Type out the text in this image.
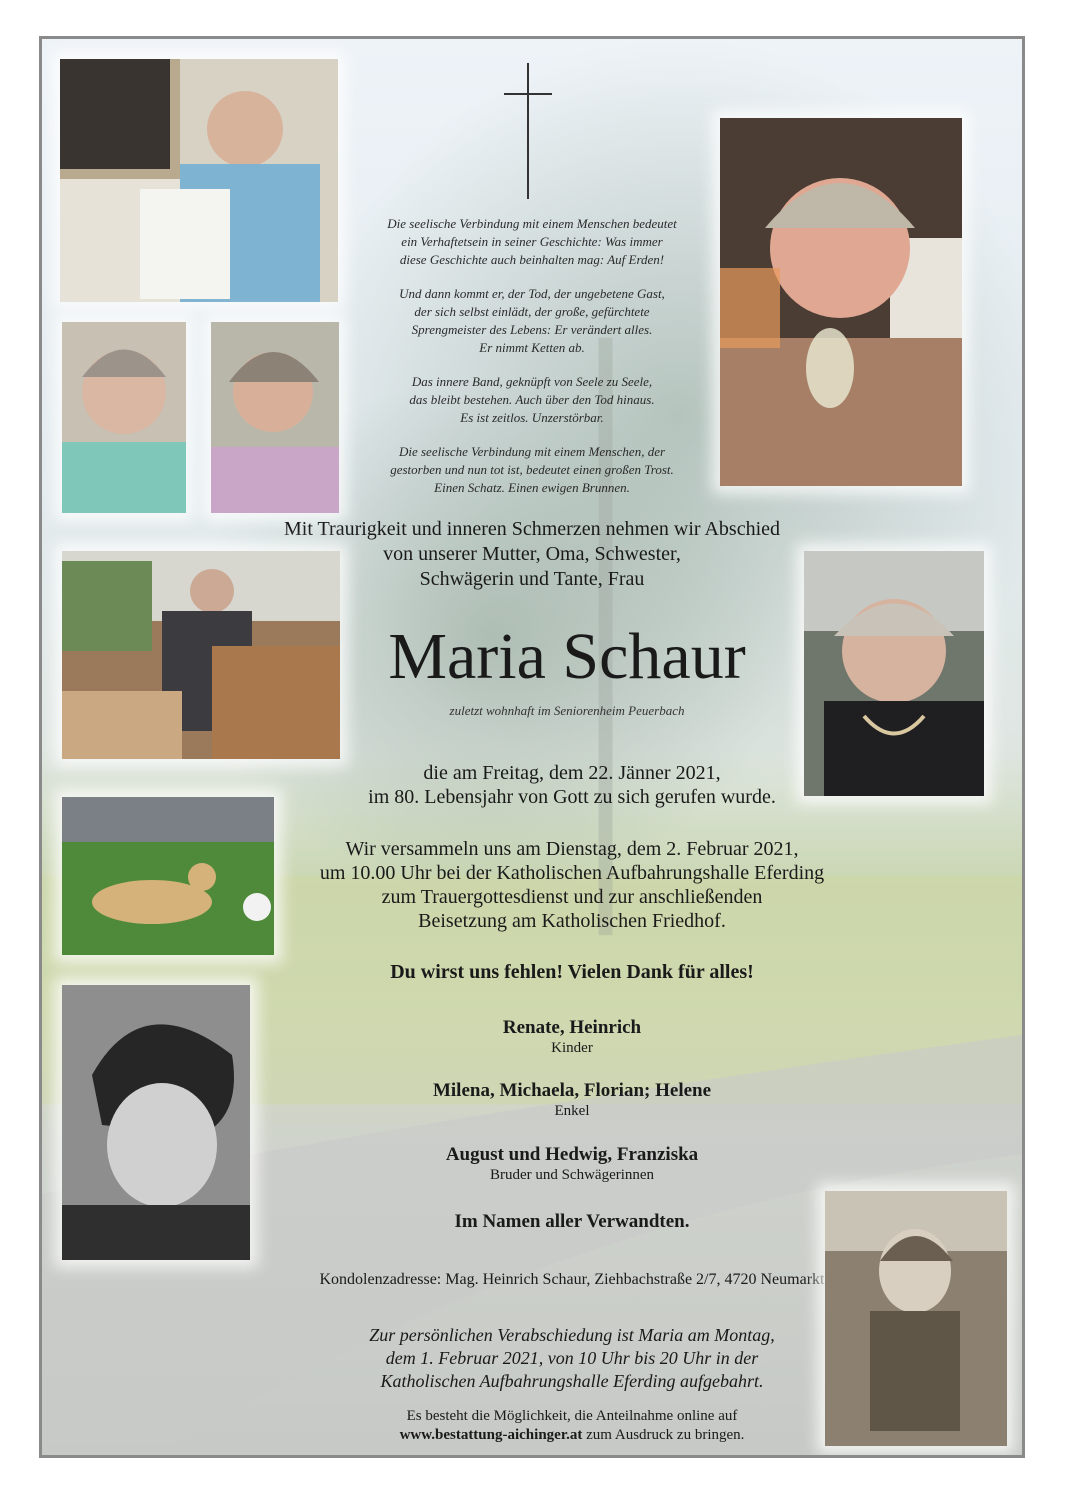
Die seelische Verbindung mit einem Menschen bedeutet
ein Verhaftetsein in seiner Geschichte: Was immer
diese Geschichte auch beinhalten mag: Auf Erden!

Und dann kommt er, der Tod, der ungebetene Gast,
der sich selbst einlädt, der große, gefürchtete
Sprengmeister des Lebens: Er verändert alles.
Er nimmt Ketten ab.

Das innere Band, geknüpft von Seele zu Seele,
das bleibt bestehen. Auch über den Tod hinaus.
Es ist zeitlos. Unzerstörbar.

Die seelische Verbindung mit einem Menschen, der
gestorben und nun tot ist, bedeutet einen großen Trost.
Einen Schatz. Einen ewigen Brunnen.

Mit Traurigkeit und inneren Schmerzen nehmen wir Abschied
von unserer Mutter, Oma, Schwester,
Schwägerin und Tante, Frau
Maria Schaur
zuletzt wohnhaft im Seniorenheim Peuerbach
die am Freitag, dem 22. Jänner 2021,
im 80. Lebensjahr von Gott zu sich gerufen wurde.
Wir versammeln uns am Dienstag, dem 2. Februar 2021,
um 10.00 Uhr bei der Katholischen Aufbahrungshalle Eferding
zum Trauergottesdienst und zur anschließenden
Beisetzung am Katholischen Friedhof.
Du wirst uns fehlen! Vielen Dank für alles!
Renate, Heinrich
Kinder
Milena, Michaela, Florian; Helene
Enkel
August und Hedwig, Franziska
Bruder und Schwägerinnen
Im Namen aller Verwandten.
Kondolenzadresse: Mag. Heinrich Schaur, Ziehbachstraße 2/7, 4720 Neumarkt
Zur persönlichen Verabschiedung ist Maria am Montag,
dem 1. Februar 2021, von 10 Uhr bis 20 Uhr in der
Katholischen Aufbahrungshalle Eferding aufgebahrt.
Es besteht die Möglichkeit, die Anteilnahme online auf
www.bestattung-aichinger.at zum Ausdruck zu bringen.
